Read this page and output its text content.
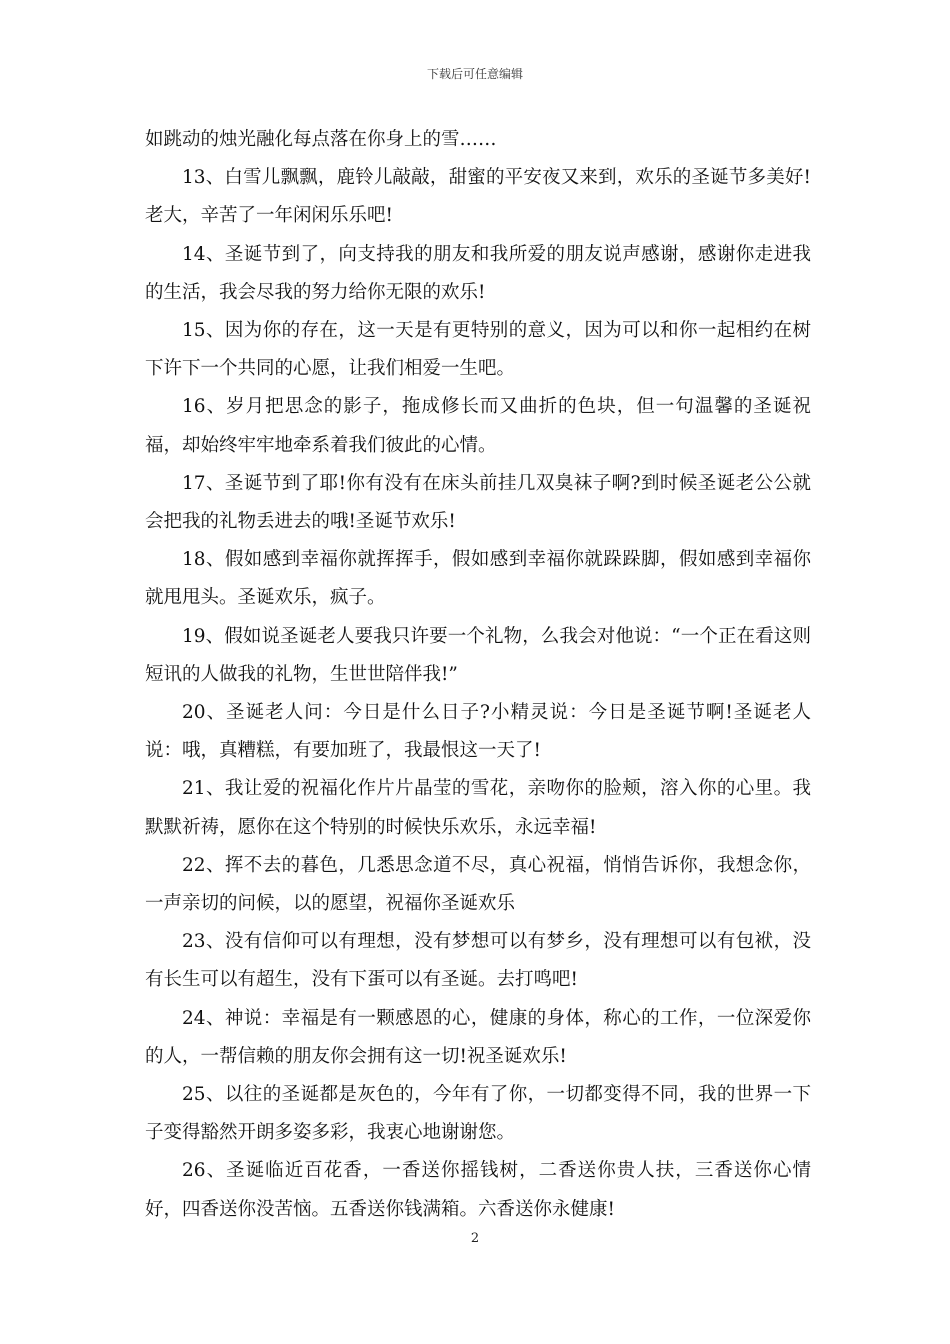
下载后可任意编辑

如跳动的烛光融化每点落在你身上的雪……

13、白雪儿飘飘，鹿铃儿敲敲，甜蜜的平安夜又来到，欢乐的圣诞节多美好!老大，辛苦了一年闲闲乐乐吧!

14、圣诞节到了，向支持我的朋友和我所爱的朋友说声感谢，感谢你走进我的生活，我会尽我的努力给你无限的欢乐!

15、因为你的存在，这一天是有更特别的意义，因为可以和你一起相约在树下许下一个共同的心愿，让我们相爱一生吧。

16、岁月把思念的影子，拖成修长而又曲折的色块，但一句温馨的圣诞祝福，却始终牢牢地牵系着我们彼此的心情。

17、圣诞节到了耶!你有没有在床头前挂几双臭袜子啊?到时候圣诞老公公就会把我的礼物丢进去的哦!圣诞节欢乐!

18、假如感到幸福你就挥挥手，假如感到幸福你就跺跺脚，假如感到幸福你就甩甩头。圣诞欢乐，疯子。

19、假如说圣诞老人要我只许要一个礼物，么我会对他说：“一个正在看这则短讯的人做我的礼物，生世世陪伴我!”

20、圣诞老人问：今日是什么日子?小精灵说：今日是圣诞节啊!圣诞老人说：哦，真糟糕，有要加班了，我最恨这一天了!

21、我让爱的祝福化作片片晶莹的雪花，亲吻你的脸颊，溶入你的心里。我默默祈祷，愿你在这个特别的时候快乐欢乐，永远幸福!

22、挥不去的暮色，几悉思念道不尽，真心祝福，悄悄告诉你，我想念你，一声亲切的问候，以的愿望，祝福你圣诞欢乐

23、没有信仰可以有理想，没有梦想可以有梦乡，没有理想可以有包袱，没有长生可以有超生，没有下蛋可以有圣诞。去打鸣吧!

24、神说：幸福是有一颗感恩的心，健康的身体，称心的工作，一位深爱你的人，一帮信赖的朋友你会拥有这一切!祝圣诞欢乐!

25、以往的圣诞都是灰色的，今年有了你，一切都变得不同，我的世界一下子变得豁然开朗多姿多彩，我衷心地谢谢您。

26、圣诞临近百花香，一香送你摇钱树，二香送你贵人扶，三香送你心情好，四香送你没苦恼。五香送你钱满箱。六香送你永健康!

2
